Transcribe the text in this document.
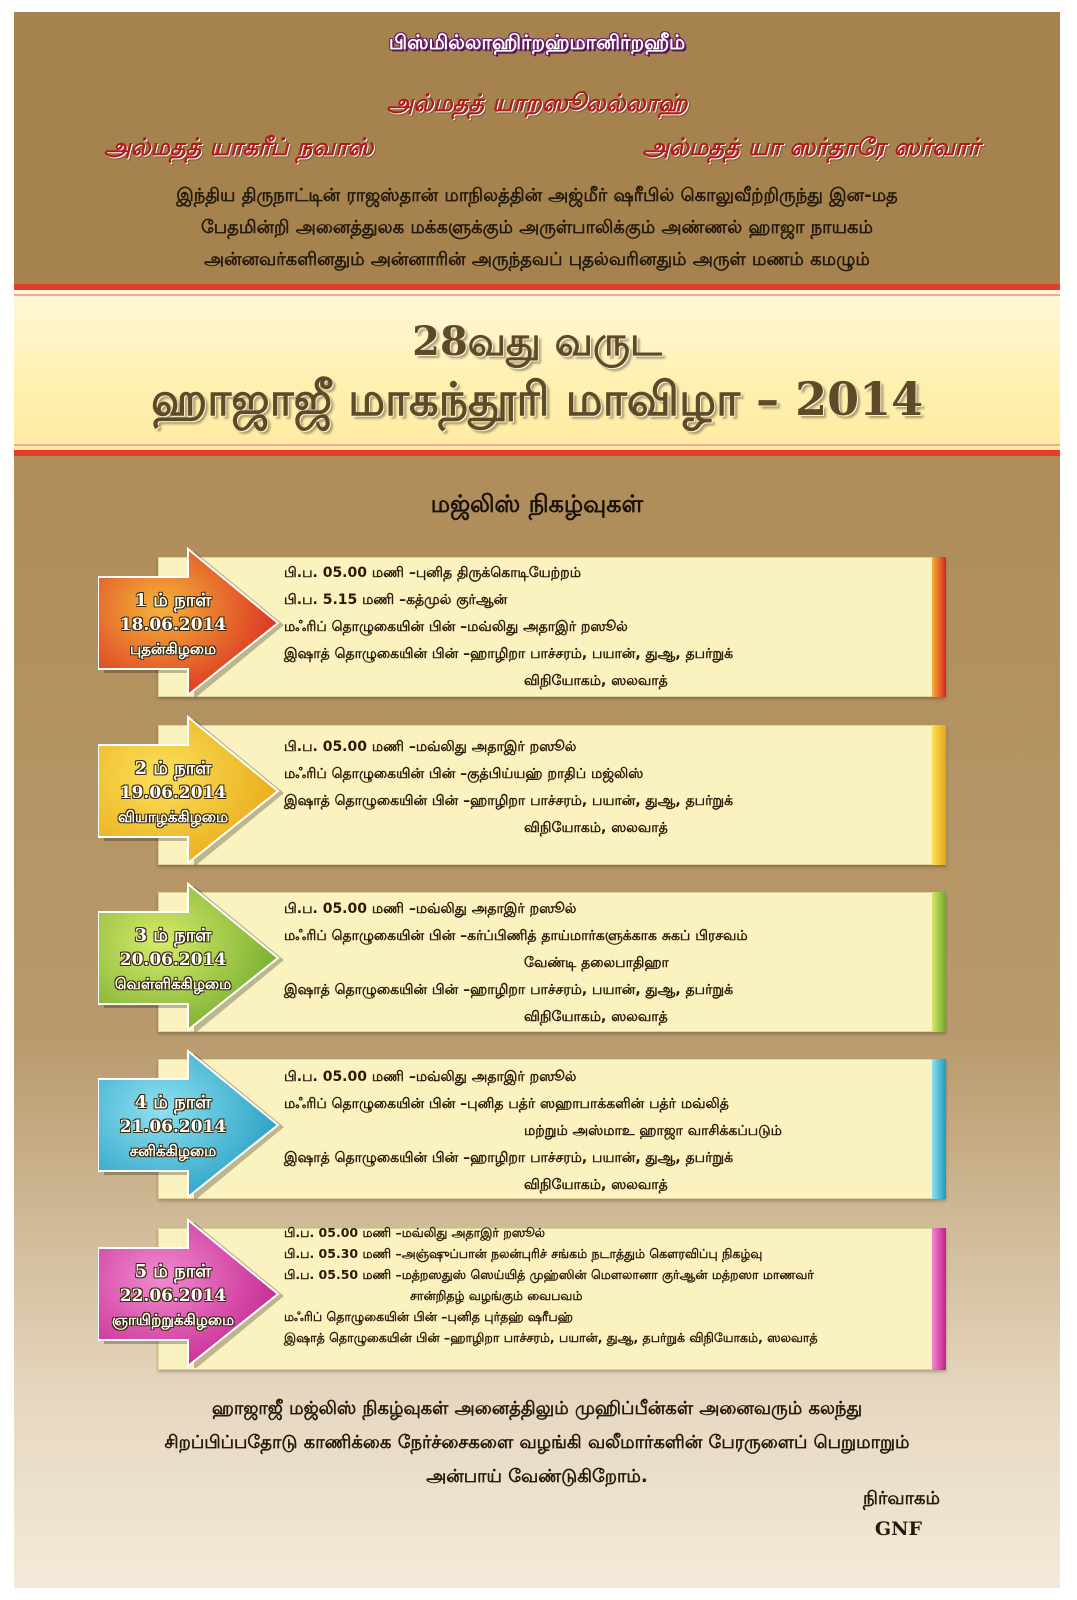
பிஸ்மில்லாஹிர்றஹ்மானிர்றஹீம்
அல்மதத் யாறஸூலல்லாஹ்
அல்மதத் யாகரீப் நவாஸ்	அல்மதத் யா ஸர்தாரே ஸர்வார்
இந்திய திருநாட்டின் ராஜஸ்தான் மாநிலத்தின் அஜ்மீர் ஷரீபில் கொலுவீற்றிருந்து இன-மத
பேதமின்றி அனைத்துலக மக்களுக்கும் அருள்பாலிக்கும் அண்ணல் ஹாஜா நாயகம்
அன்னவர்களினதும் அன்னாரின் அருந்தவப் புதல்வரினதும் அருள் மணம் கமழும்
28வது வருட
ஹாஜாஜீ மாகந்தூரி மாவிழா – 2014
மஜ்லிஸ் நிகழ்வுகள்
1 ம் நாள்
18.06.2014
புதன்கிழமை
பி.ப. 05.00 மணி – புனித திருக்கொடியேற்றம்
பி.ப. 5.15 மணி – கத்முல் குர்ஆன்
மஃரிப் தொழுகையின் பின் – மவ்லிது அதாஇர் றஸூல்
இஷாத் தொழுகையின் பின் – ஹாழிறா பாச்சரம், பயான், துஆ, தபர்றுக்
விநியோகம், ஸலவாத்
2 ம் நாள்
19.06.2014
வியாழக்கிழமை
பி.ப. 05.00 மணி – மவ்லிது அதாஇர் றஸூல்
மஃரிப் தொழுகையின் பின் – குத்பிய்யஹ் றாதிப் மஜ்லிஸ்
இஷாத் தொழுகையின் பின் – ஹாழிறா பாச்சரம், பயான், துஆ, தபர்றுக்
விநியோகம், ஸலவாத்
3 ம் நாள்
20.06.2014
வெள்ளிக்கிழமை
பி.ப. 05.00 மணி – மவ்லிது அதாஇர் றஸூல்
மஃரிப் தொழுகையின் பின் – கர்ப்பிணித் தாய்மார்களுக்காக சுகப் பிரசவம்
வேண்டி தலைபாதிஹா
இஷாத் தொழுகையின் பின் – ஹாழிறா பாச்சரம், பயான், துஆ, தபர்றுக்
விநியோகம், ஸலவாத்
4 ம் நாள்
21.06.2014
சனிக்கிழமை
பி.ப. 05.00 மணி – மவ்லிது அதாஇர் றஸூல்
மஃரிப் தொழுகையின் பின் – புனித பத்ர் ஸஹாபாக்களின் பத்ர் மவ்லித்
மற்றும் அஸ்மாஉ ஹாஜா வாசிக்கப்படும்
இஷாத் தொழுகையின் பின் – ஹாழிறா பாச்சரம், பயான், துஆ, தபர்றுக்
விநியோகம், ஸலவாத்
5 ம் நாள்
22.06.2014
ஞாயிற்றுக்கிழமை
பி.ப. 05.00 மணி – மவ்லிது அதாஇர் றஸூல்
பி.ப. 05.30 மணி – அஞ்ஷுப்பான் நலன்புரிச் சங்கம் நடாத்தும் கௌரவிப்பு நிகழ்வு
பி.ப. 05.50 மணி – மத்றஸதுஸ் ஸெய்யித் முஹ்ஸின் மௌலானா குர்ஆன் மத்றஸா மாணவர்
சான்றிதழ் வழங்கும் வைபவம்
மஃரிப் தொழுகையின் பின் – புனித புர்தஹ் ஷரீபஹ்
இஷாத் தொழுகையின் பின் – ஹாழிறா பாச்சரம், பயான், துஆ, தபர்றுக் விநியோகம், ஸலவாத்
ஹாஜாஜீ மஜ்லிஸ் நிகழ்வுகள் அனைத்திலும் முஹிப்பீன்கள் அனைவரும் கலந்து
சிறப்பிப்பதோடு காணிக்கை நேர்ச்சைகளை வழங்கி வலீமார்களின் பேரருளைப் பெறுமாறும்
அன்பாய் வேண்டுகிறோம்.
நிர்வாகம்
GNF
